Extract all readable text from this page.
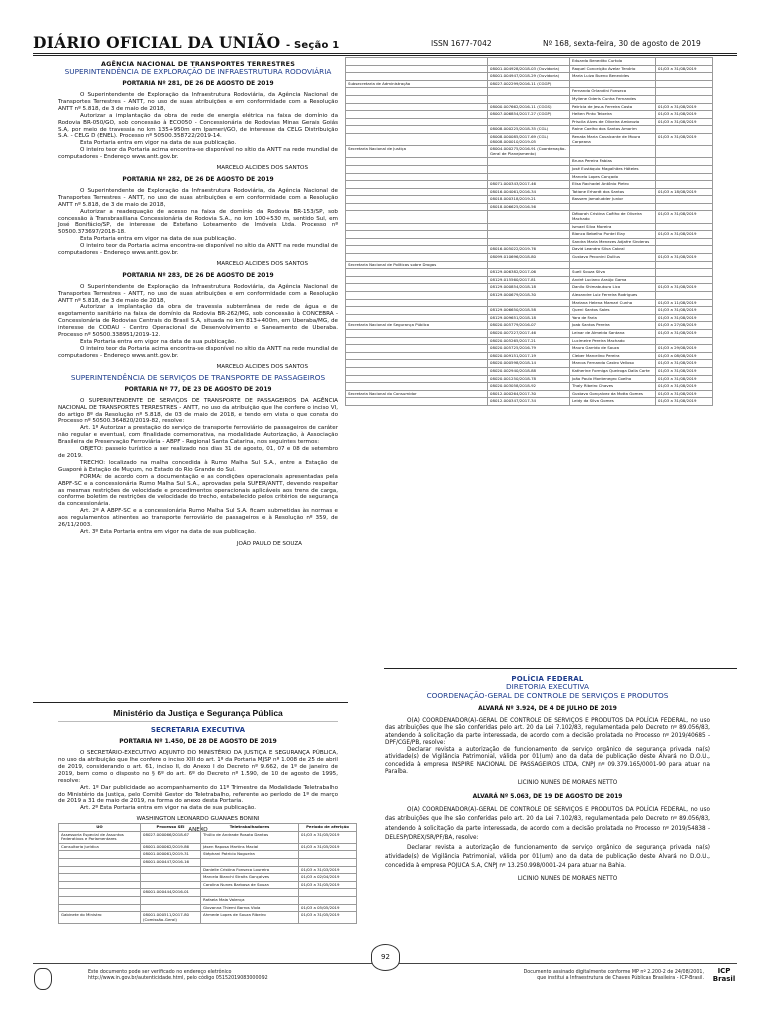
DIÁRIO OFICIAL DA UNIÃO - Seção 1	ISSN 1677-7042	Nº 168, sexta-feira, 30 de agosto de 2019
AGÊNCIA NACIONAL DE TRANSPORTES TERRESTRES
SUPERINTENDÊNCIA DE EXPLORAÇÃO DE INFRAESTRUTURA RODOVIÁRIA
PORTARIA Nº 281, DE 26 DE AGOSTO DE 2019

O Superintendente de Exploração da Infraestrutura Rodoviária, da Agência Nacional de Transportes Terrestres - ANTT, no uso de suas atribuições e em conformidade com a Resolução ANTT nº 5.818, de 3 de maio de 2018,

Autorizar a implantação da obra de rede de energia elétrica na faixa de domínio da Rodovia BR-050/GO, sob concessão à ECO050 - Concessionária de Rodovias Minas Gerais Goiás S.A, por meio de travessia no km 135+950m em Ipameri/GO, de interesse da CELG Distribuição S.A. - CELG D (ENEL). Processo nº 50500.358722/2019-14.

Esta Portaria entra em vigor na data de sua publicação.

O inteiro teor da Portaria acima encontra-se disponível no sítio da ANTT na rede mundial de computadores - Endereço www.antt.gov.br.

MARCELO ALCIDES DOS SANTOS

PORTARIA Nº 282, DE 26 DE AGOSTO DE 2019

O Superintendente de Exploração da Infraestrutura Rodoviária, da Agência Nacional de Transportes Terrestres - ANTT, no uso de suas atribuições e em conformidade com a Resolução ANTT nº 5.818, de 3 de maio de 2018,

Autorizar a readequação de acesso na faixa de domínio da Rodovia BR-153/SP, sob concessão à Transbrasiliana Concessionária de Rodovia S.A., no km 100+530 m, sentido Sul, em José Bonifácio/SP, de interesse de Estefano Loteamento de Imóveis Ltda. Processo nº 50500.373697/2018-18.

Esta Portaria entra em vigor na data de sua publicação.

O inteiro teor da Portaria acima encontra-se disponível no sítio da ANTT na rede mundial de computadores - Endereço www.antt.gov.br.

MARCELO ALCIDES DOS SANTOS

PORTARIA Nº 283, DE 26 DE AGOSTO DE 2019

O Superintendente de Exploração da Infraestrutura Rodoviária, da Agência Nacional de Transportes Terrestres - ANTT, no uso de suas atribuições e em conformidade com a Resolução ANTT nº 5.818, de 3 de maio de 2018,

Autorizar a implantação da obra de travessia subterrânea de rede de água e de esgotamento sanitário na faixa de domínio da Rodovia BR-262/MG, sob concessão à CONCEBRA - Concessionária de Rodovias Centrais do Brasil S.A, situada no km 813+400m, em Uberaba/MG, de interesse de CODAU - Centro Operacional de Desenvolvimento e Saneamento de Uberaba. Processo nº 50500.338951/2019-12.

Esta Portaria entra em vigor na data de sua publicação.

O inteiro teor da Portaria acima encontra-se disponível no sítio da ANTT na rede mundial de computadores - Endereço www.antt.gov.br.

MARCELO ALCIDES DOS SANTOS

SUPERINTENDÊNCIA DE SERVIÇOS DE TRANSPORTE DE PASSAGEIROS
PORTARIA Nº 77, DE 23 DE AGOSTO DE 2019

O SUPERINTENDENTE DE SERVIÇOS DE TRANSPORTE DE PASSAGEIROS DA AGÊNCIA NACIONAL DE TRANSPORTES TERRESTRES - ANTT, no uso da atribuição que lhe confere o inciso VI, do artigo 8º da Resolução nº 5.818, de 03 de maio de 2018, e tendo em vista o que consta do Processo nº 50500.364820/2019-82, resolve:

Art. 1º Autorizar a prestação do serviço de transporte ferroviário de passageiros de caráter não regular e eventual, com finalidade comemorativa, na modalidade Autorização, à Associação Brasileira de Preservação Ferroviária - ABPF - Regional Santa Catarina, nos seguintes termos:

OBJETO: passeio turístico a ser realizado nos dias 31 de agosto, 01, 07 e 08 de setembro de 2019.

TRECHO: localizado na malha concedida à Rumo Malha Sul S.A., entre a Estação de Guaporé à Estação de Muçum, no Estado do Rio Grande do Sul.

FORMA: de acordo com a documentação e as condições operacionais apresentadas pela ABPF-SC e a concessionária Rumo Malha Sul S.A., aprovadas pela SUFER/ANTT, devendo respeitar as mesmas restrições de velocidade e procedimentos operacionais aplicáveis aos trens de carga, conforme boletim de restrições de velocidade do trecho, estabelecido pelos critérios de segurança da concessionária.

Art. 2º A ABPF-SC e a concessionária Rumo Malha Sul S.A. ficam submetidas às normas e aos regulamentos atinentes ao transporte ferroviário de passageiros e à Resolução nº 359, de 26/11/2003.

Art. 3º Esta Portaria entra em vigor na data de sua publicação.

JOÃO PAULO DE SOUZA

		Eduardo Benedito Curtolo	
	08001.004928/2018-03 (Ouvidoria)	Raquel Conceição Avelar Tenório	01/03 a 31/08/2019
	08001.004947/2018-29 (Ouvidoria)	Maria Luiza Bueno Benevides	
Subsecretaria de Administração	08027.002299/2016-11 (CGGP)		
		Fernando Orlandini Fonseca	
		Myliene Oderis Cunha Fernandes	
	08000.007662/2016-11 (CGGS)	Patrícia de Jesus Ferreira Costa	01/03 a 31/08/2019
	08007.006854/2017-27 (CGGP)	Helten Pinto Teixeira	01/03 a 31/08/2019
		Priscila Alves de Oliveira Ambrozio	01/03 a 31/08/2019
	08008.000225/2018-35 (CGL)	Raine Coelho dos Santos Amorim	
	08008.000085/2017-69 (CGL) 08008.000010/2019-05	Renata Maria Cavalcante de Moura Carpeana	01/03 a 31/08/2019
Secretaria Nacional de Justiça	08004.000275/2016-91 (Coordenação-Geral de Planejamento)		
		Bruna Pereira Fabias	
		José Eustáquio Magalhães Hóteles	
		Marcelo Lopes Conçado	
	08071.000343/2017-46	Elisa Rachadel Antônio Pietro	
	08016.004061/2016-34	Tatiane Erhardt dos Santos	01/03 a 18/08/2019
	08018.000318/2019-21	Bassem Jamaludder Junior	
	08018.006625/2016-56		
		Déborah Cristina Coêlho de Oliveira Machado	01/03 a 31/08/2019
		Ismael Silva Moreira	
		Bianca Bebelho Puntel Elay	01/03 a 31/08/2019
		Sandra Maria Menezes Adjafre Sinderas	
	08016.005022/2019-76	David Leandro Silva Cabral	
	08099.010696/2018-80	Gustavo Peconini Dullius	01/03 a 31/08/2019
Secretaria Nacional de Políticas sobre Drogas			
	08129.006382/2017-06	Sueli Souza Silva	
	08129.015560/2017-81	André Luciano Araújo Gama	
	08129.000854/2018-18	Danilo Shimabukuro Lico	01/03 a 31/08/2019
	08129.000679/2018-30	Alexandre Luiz Ferreira Rodrigues	
		Mariana Helena Mamari Cunha	01/03 a 11/08/2019
	08129.006650/2018-58	Queni Santos Sales	01/03 a 31/08/2019
	08129.009651/2018-18	Yara de Faria	01/03 a 31/08/2019
Secretaria Nacional de Segurança Pública	08020.005779/2016-07	Joab Santos Pereira	01/03 a 27/08/2019
	08020.007227/2017-46	Leinar de Almeida Santana	01/03 a 31/08/2019
	08020.005265/2017-21	Lucimeire Pereira Machado	
	08020.005725/2016-79	Maura Garrido de Souza	01/03 a 29/08/2019
	08020.009151/2017-19	Cleber Marcelino Pereira	01/03 a 08/08/2019
	08020.000598/2018-14	Marcos Fernando Castro Velloso	01/03 a 31/08/2019
	08020.002940/2018-88	Katherine Formiga Queiroga Dalla Corte	01/03 a 31/08/2019
	08020.001250/2018-78	João Paulo Montenegro Coelho	01/03 a 31/08/2019
	08020.003058/2018-92	Thaly Ribeiro Chaves	01/03 a 31/08/2019
Secretaria Nacional do Consumidor	08012.000264/2017-30	Gustavo Gonçalvez da Motta Gomes	01/03 a 31/08/2019
	08012.000347/2017-34	Leidy da Silva Gomes	01/03 a 31/08/2019
Ministério da Justiça e Segurança Pública
SECRETARIA EXECUTIVA
PORTARIA Nº 1.450, DE 28 DE AGOSTO DE 2019

O SECRETÁRIO-EXECUTIVO ADJUNTO DO MINISTÉRIO DA JUSTIÇA E SEGURANÇA PÚBLICA, no uso da atribuição que lhe confere o inciso XIII do art. 1º da Portaria MJSP nº 1.008 de 25 de abril de 2019, considerando o art. 61, inciso II, do Anexo I do Decreto nº 9.662, de 1º de janeiro de 2019, bem como o disposto no § 6º do art. 6º do Decreto nº 1.590, de 10 de agosto de 1995, resolve:

Art. 1º Dar publicidade ao acompanhamento do 11º Trimestre da Modalidade Teletrabalho do Ministério da Justiça, pelo Comitê Gestor do Teletrabalho, referente ao período de 1º de março de 2019 a 31 de maio de 2019, na forma do anexo desta Portaria.

Art. 2º Esta Portaria entra em vigor na data de sua publicação.

WASHINGTON LEONARDO GUANAES BONINI

ANEXO

UO	Processo SEI	Teletrabalhadores	Período de aferição
Assessoria Especial de Assuntos Federativos e Parlamentares	08027.000066/2018-67	Thúlio de Andrade Rosato Dantas	01/03 a 31/05/2019
Consultoria Jurídica	08001.000062/2019-86	Jásen Raposa Martins Macial	01/03 a 31/05/2019
	08001.000061/2019-31	Stéphani Patrício Nogueira	
	08001.000447/2016-16		
		Danielle Cristina Fonseca Loureiro	01/03 a 31/03/2019
		Marcela Bianchi Straits Gonçalves	01/03 a 02/04/2019
		Carolina Nunes Barbosa de Souza	01/03 a 31/05/2019
	08001.000444/2016-01		
		Rafaela Maia Valença	
		Giovanna Thiemi Barros Viola	01/03 a 05/05/2019
Gabinete do Ministro	08001.000511/2017-80 (Comissão-Geral)	Ahmede Lopes de Souza Ribeiro	01/03 a 31/05/2019
POLÍCIA FEDERAL
DIRETORIA EXECUTIVA
COORDENAÇÃO-GERAL DE CONTROLE DE SERVIÇOS E PRODUTOS
ALVARÁ Nº 3.924, DE 4 DE JULHO DE 2019

O(A) COORDENADOR(A)-GERAL DE CONTROLE DE SERVIÇOS E PRODUTOS DA POLÍCIA FEDERAL, no uso das atribuições que lhe são conferidas pelo art. 20 da Lei 7.102/83, regulamentada pelo Decreto nº 89.056/83, atendendo à solicitação da parte interessada, de acordo com a decisão prolatada no Processo nº 2019/40685 - DPF/CGE/PB, resolve:

Declarar revista a autorização de funcionamento de serviço orgânico de segurança privada na(s) atividade(s) de Vigilância Patrimonial, válida por 01(um) ano da data de publicação deste Alvará no D.O.U., concedida à empresa INSPIRE NACIONAL DE PASSAGEIROS LTDA, CNPJ nº 09.379.165/0001-90 para atuar na Paraíba.

LICINIO NUNES DE MORAES NETTO

ALVARÁ Nº 5.063, DE 19 DE AGOSTO DE 2019

O(A) COORDENADOR(A)-GERAL DE CONTROLE DE SERVIÇOS E PRODUTOS DA POLÍCIA FEDERAL, no uso das atribuições que lhe são conferidas pelo art. 20 da Lei 7.102/83, regulamentada pelo Decreto nº 89.056/83, atendendo à solicitação da parte interessada, de acordo com a decisão prolatada no Processo nº 2019/54838 - DELESP/DREX/SR/PF/BA, resolve:

Declarar revista a autorização de funcionamento de serviço orgânico de segurança privada na(s) atividade(s) de Vigilância Patrimonial, válida por 01(um) ano da data de publicação deste Alvará no D.O.U., concedida à empresa POJUCA S.A, CNPJ nº 13.250.998/0001-24 para atuar na Bahia.

LICINIO NUNES DE MORAES NETTO

Este documento pode ser verificado no endereço eletrônico
http://www.in.gov.br/autenticidade.html, pelo código 05152019083000092
92
Documento assinado digitalmente conforme MP nº 2.200-2 de 24/08/2001,
que institui a Infraestrutura de Chaves Públicas Brasileira - ICP-Brasil.
ICP Brasil
